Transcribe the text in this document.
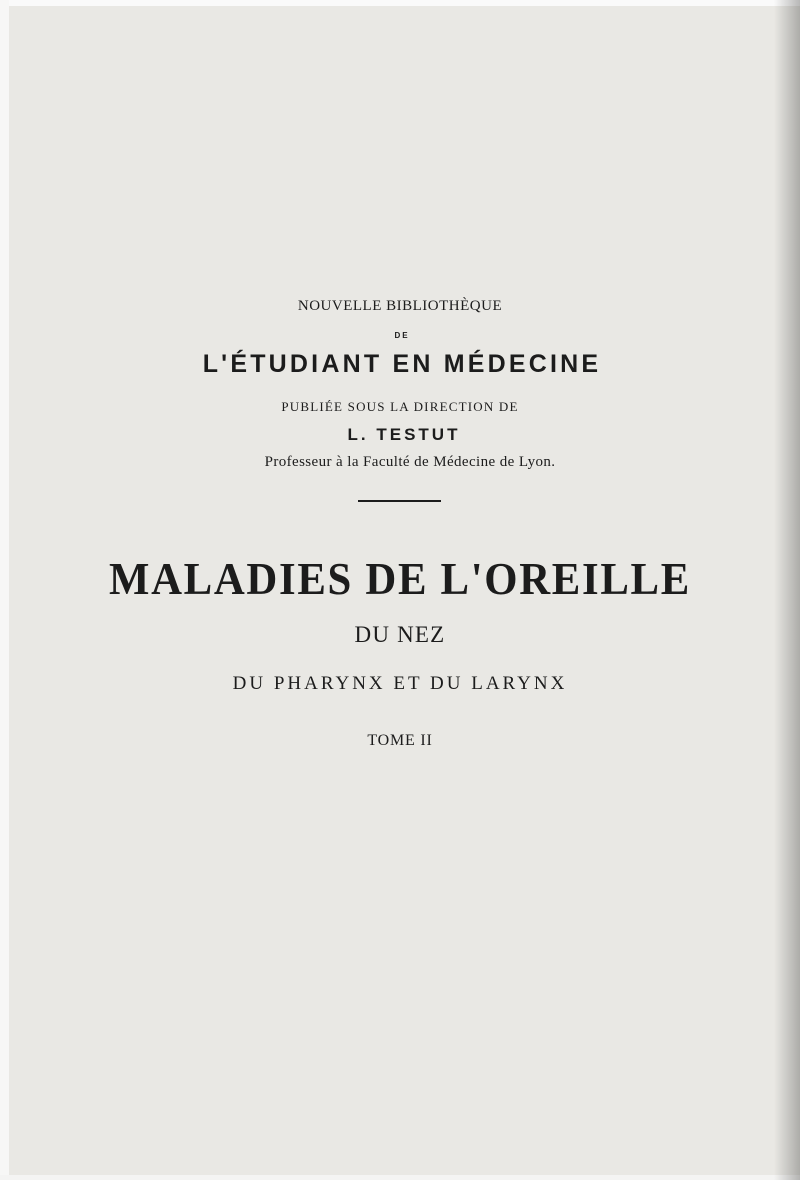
NOUVELLE BIBLIOTHÈQUE
DE
L'ÉTUDIANT EN MÉDECINE
PUBLIÉE SOUS LA DIRECTION DE
L. TESTUT
Professeur à la Faculté de Médecine de Lyon.
MALADIES DE L'OREILLE
DU NEZ
DU PHARYNX ET DU LARYNX
TOME II
